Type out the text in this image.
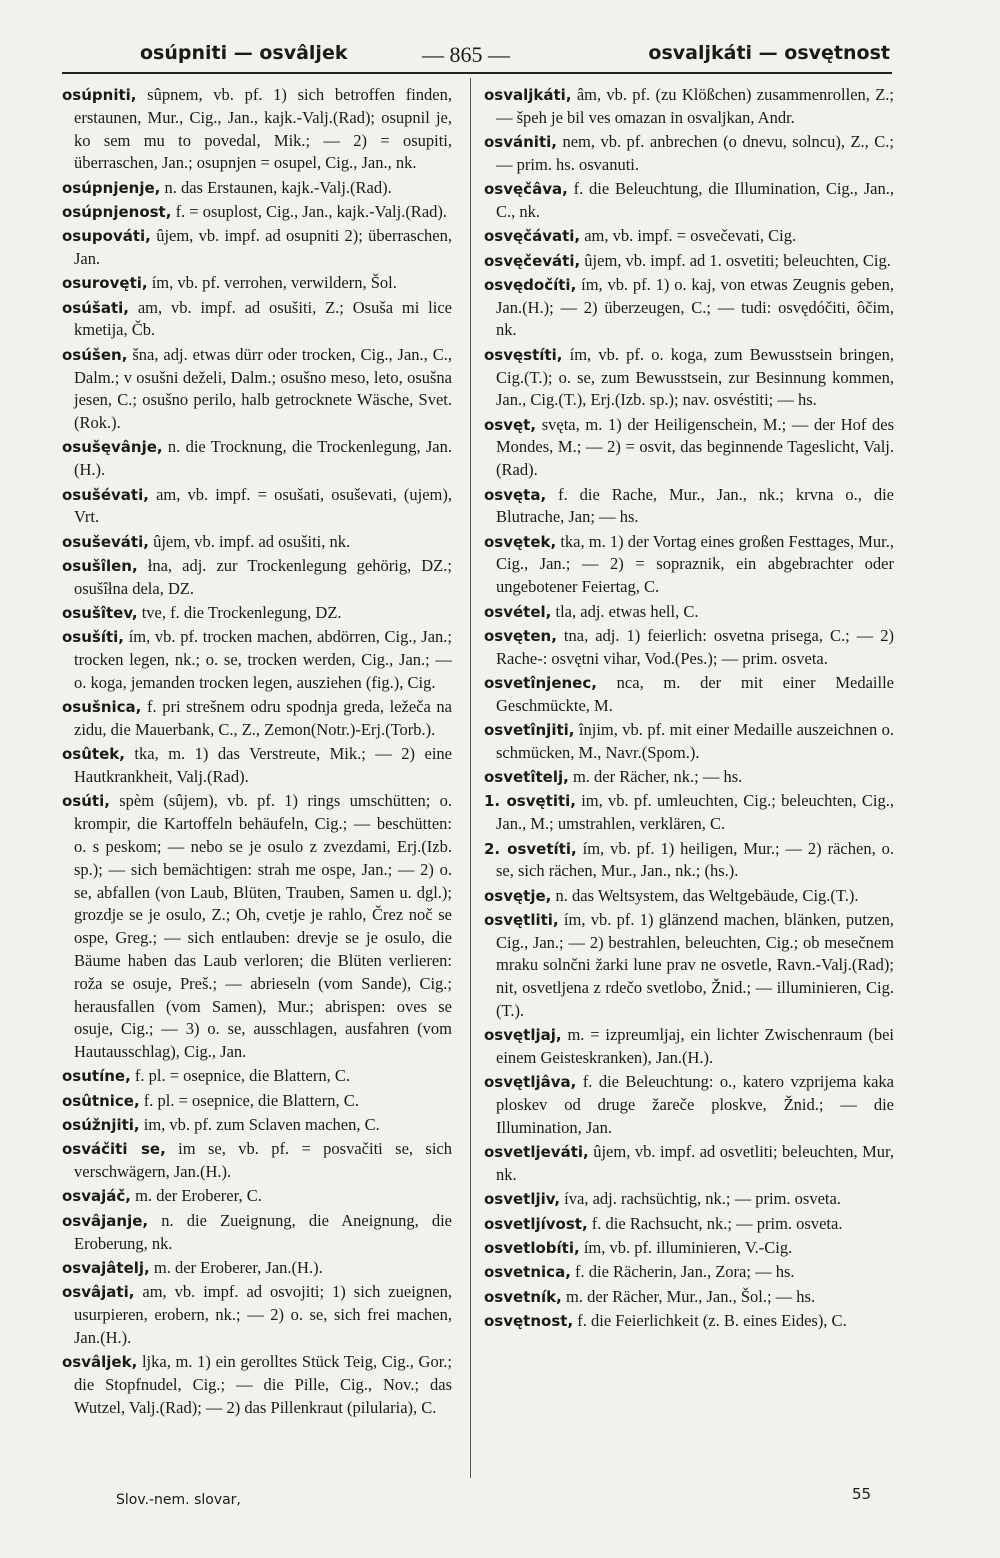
osúpniti — osvâljek	— 865 —	osvaljkáti — osvętnost

osúpniti, sûpnem, vb. pf. 1) sich betroffen finden, erstaunen, Mur., Cig., Jan., kajk.-Valj.(Rad); osupnil je, ko sem mu to povedal, Mik.; — 2) = osupiti, überraschen, Jan.; osupnjen = osupel, Cig., Jan., nk.

osúpnjenje, n. das Erstaunen, kajk.-Valj.(Rad).

osúpnjenost, f. = osuplost, Cig., Jan., kajk.-Valj.(Rad).

osupováti, ûjem, vb. impf. ad osupniti 2); überraschen, Jan.

osurovęti, ím, vb. pf. verrohen, verwildern, Šol.

osúšati, am, vb. impf. ad osušiti, Z.; Osuša mi lice kmetija, Čb.

osúšen, šna, adj. etwas dürr oder trocken, Cig., Jan., C., Dalm.; v osušni deželi, Dalm.; osušno meso, leto, osušna jesen, C.; osušno perilo, halb getrocknete Wäsche, Svet.(Rok.).

osušęvânje, n. die Trocknung, die Trockenlegung, Jan.(H.).

osušévati, am, vb. impf. = osušati, osuševati, (ujem), Vrt.

osuševáti, ûjem, vb. impf. ad osušiti, nk.

osušîlen, łna, adj. zur Trockenlegung gehörig, DZ.; osušîłna dela, DZ.

osušîtev, tve, f. die Trockenlegung, DZ.

osušíti, ím, vb. pf. trocken machen, abdörren, Cig., Jan.; trocken legen, nk.; o. se, trocken werden, Cig., Jan.; — o. koga, jemanden trocken legen, ausziehen (fig.), Cig.

osušnica, f. pri strešnem odru spodnja greda, ležeča na zidu, die Mauerbank, C., Z., Zemon(Notr.)-Erj.(Torb.).

osûtek, tka, m. 1) das Verstreute, Mik.; — 2) eine Hautkrankheit, Valj.(Rad).

osúti, spèm (sûjem), vb. pf. 1) rings umschütten; o. krompir, die Kartoffeln behäufeln, Cig.; — beschütten: o. s peskom; — nebo se je osulo z zvezdami, Erj.(Izb. sp.); — sich bemächtigen: strah me ospe, Jan.; — 2) o. se, abfallen (von Laub, Blüten, Trauben, Samen u. dgl.); grozdje se je osulo, Z.; Oh, cvetje je rahlo, Črez noč se ospe, Greg.; — sich entlauben: drevje se je osulo, die Bäume haben das Laub verloren; die Blüten verlieren: roža se osuje, Preš.; — abrieseln (vom Sande), Cig.; herausfallen (vom Samen), Mur.; abrispen: oves se osuje, Cig.; — 3) o. se, ausschlagen, ausfahren (vom Hautausschlag), Cig., Jan.

osutíne, f. pl. = osepnice, die Blattern, C.

osûtnice, f. pl. = osepnice, die Blattern, C.

osúžnjiti, im, vb. pf. zum Sclaven machen, C.

osváčiti se, im se, vb. pf. = posvačiti se, sich verschwägern, Jan.(H.).

osvajáč, m. der Eroberer, C.

osvâjanje, n. die Zueignung, die Aneignung, die Eroberung, nk.

osvajâtelj, m. der Eroberer, Jan.(H.).

osvâjati, am, vb. impf. ad osvojiti; 1) sich zueignen, usurpieren, erobern, nk.; — 2) o. se, sich frei machen, Jan.(H.).

osvâljek, ljka, m. 1) ein gerolltes Stück Teig, Cig., Gor.; die Stopfnudel, Cig.; — die Pille, Cig., Nov.; das Wutzel, Valj.(Rad); — 2) das Pillenkraut (pilularia), C.

osvaljkáti, âm, vb. pf. (zu Klößchen) zusammenrollen, Z.; — špeh je bil ves omazan in osvaljkan, Andr.

osvániti, nem, vb. pf. anbrechen (o dnevu, solncu), Z., C.; — prim. hs. osvanuti.

osvęčâva, f. die Beleuchtung, die Illumination, Cig., Jan., C., nk.

osvęčávati, am, vb. impf. = osvečevati, Cig.

osvęčeváti, ûjem, vb. impf. ad 1. osvetiti; beleuchten, Cig.

osvędočíti, ím, vb. pf. 1) o. kaj, von etwas Zeugnis geben, Jan.(H.); — 2) überzeugen, C.; — tudi: osvędóčiti, ôčim, nk.

osvęstíti, ím, vb. pf. o. koga, zum Bewusstsein bringen, Cig.(T.); o. se, zum Bewusstsein, zur Besinnung kommen, Jan., Cig.(T.), Erj.(Izb. sp.); nav. osvéstiti; — hs.

osvęt, svęta, m. 1) der Heiligenschein, M.; — der Hof des Mondes, M.; — 2) = osvit, das beginnende Tageslicht, Valj.(Rad).

osvęta, f. die Rache, Mur., Jan., nk.; krvna o., die Blutrache, Jan; — hs.

osvętek, tka, m. 1) der Vortag eines großen Festtages, Mur., Cig., Jan.; — 2) = sopraznik, ein abgebrachter oder ungebotener Feiertag, C.

osvétel, tla, adj. etwas hell, C.

osvęten, tna, adj. 1) feierlich: osvetna prisega, C.; — 2) Rache-: osvętni vihar, Vod.(Pes.); — prim. osveta.

osvetînjenec, nca, m. der mit einer Medaille Geschmückte, M.

osvetînjiti, înjim, vb. pf. mit einer Medaille auszeichnen o. schmücken, M., Navr.(Spom.).

osvetîtelj, m. der Rächer, nk.; — hs.

1. osvętiti, im, vb. pf. umleuchten, Cig.; beleuchten, Cig., Jan., M.; umstrahlen, verklären, C.

2. osvetíti, ím, vb. pf. 1) heiligen, Mur.; — 2) rächen, o. se, sich rächen, Mur., Jan., nk.; (hs.).

osvętje, n. das Weltsystem, das Weltgebäude, Cig.(T.).

osvętliti, ím, vb. pf. 1) glänzend machen, blänken, putzen, Cig., Jan.; — 2) bestrahlen, beleuchten, Cig.; ob mesečnem mraku solnčni žarki lune prav ne osvetle, Ravn.-Valj.(Rad); nit, osvetljena z rdečo svetlobo, Žnid.; — illuminieren, Cig.(T.).

osvętljaj, m. = izpreumljaj, ein lichter Zwischenraum (bei einem Geisteskranken), Jan.(H.).

osvętljâva, f. die Beleuchtung: o., katero vzprijema kaka ploskev od druge žareče ploskve, Žnid.; — die Illumination, Jan.

osvetljeváti, ûjem, vb. impf. ad osvetliti; beleuchten, Mur, nk.

osvetljiv, íva, adj. rachsüchtig, nk.; — prim. osveta.

osvetljívost, f. die Rachsucht, nk.; — prim. osveta.

osvetlobíti, ím, vb. pf. illuminieren, V.-Cig.

osvetnica, f. die Rächerin, Jan., Zora; — hs.

osvetník, m. der Rächer, Mur., Jan., Šol.; — hs.

osvętnost, f. die Feierlichkeit (z. B. eines Eides), C.

Slov.-nem. slovar,	55
